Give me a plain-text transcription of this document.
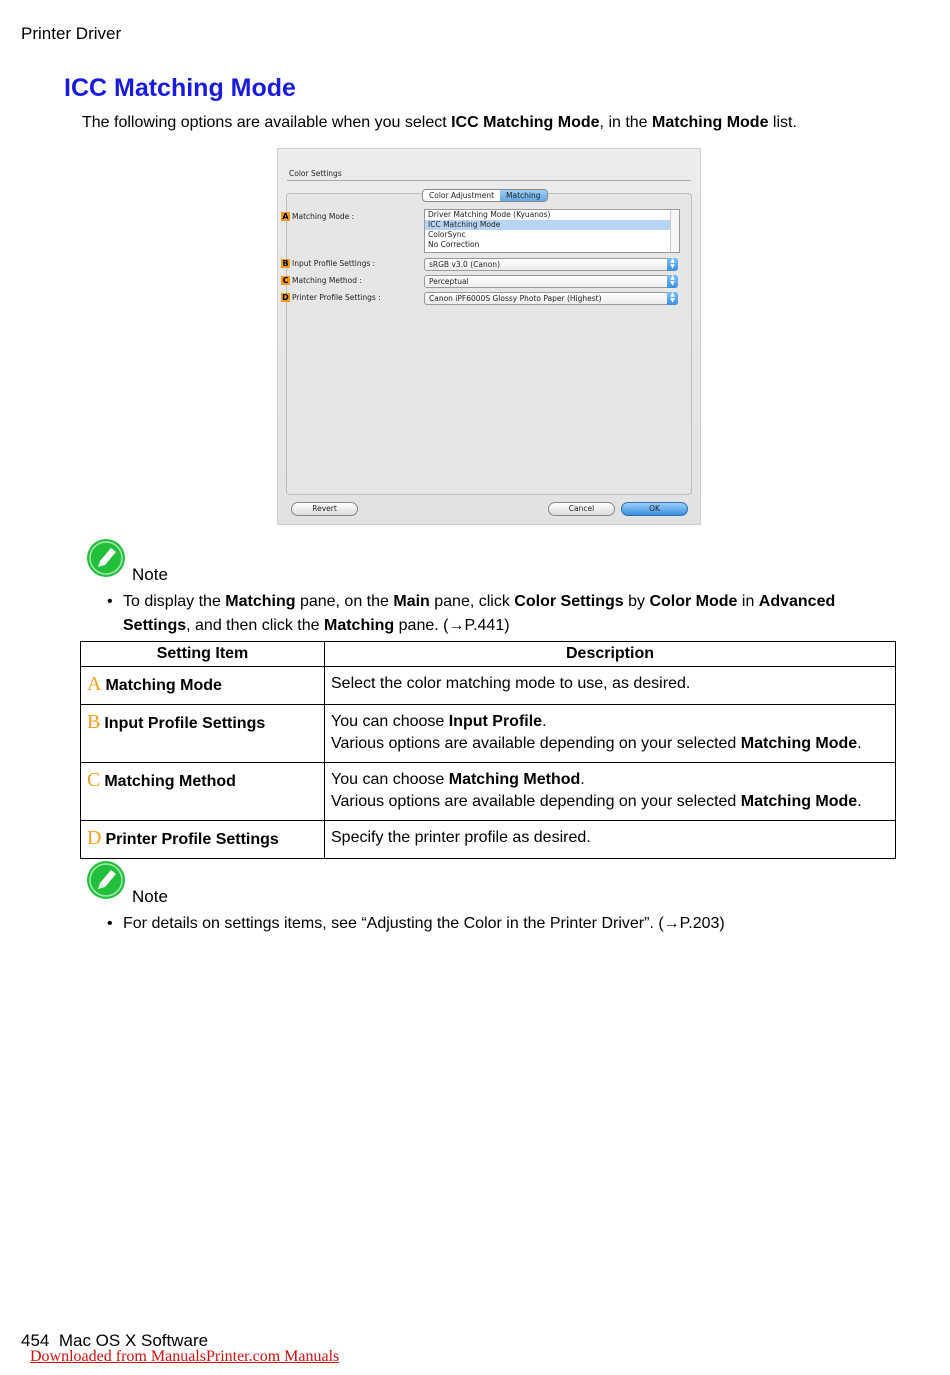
Printer Driver
ICC Matching Mode
The following options are available when you select ICC Matching Mode, in the Matching Mode list.
Color Settings
Color Adjustment	Matching
A Matching Mode :	Driver Matching Mode (Kyuanos)
ICC Matching Mode
ColorSync
No Correction
B Input Profile Settings :	sRGB v3.0 (Canon)	▲
▼
C Matching Method :	Perceptual	▲
▼
D Printer Profile Settings :	Canon iPF6000S Glossy Photo Paper (Highest)	▲
▼
Revert	Cancel	OK
Note
• To display the Matching pane, on the Main pane, click Color Settings by Color Mode in Advanced Settings, and then click the Matching pane. (→P.441)
Setting Item	Description
A Matching Mode	Select the color matching mode to use, as desired.
B Input Profile Settings	You can choose Input Profile.
Various options are available depending on your selected Matching Mode.
C Matching Method	You can choose Matching Method.
Various options are available depending on your selected Matching Mode.
D Printer Profile Settings	Specify the printer profile as desired.
Note
• For details on settings items, see “Adjusting the Color in the Printer Driver”. (→P.203)
454 Mac OS X Software
Downloaded from ManualsPrinter.com Manuals
